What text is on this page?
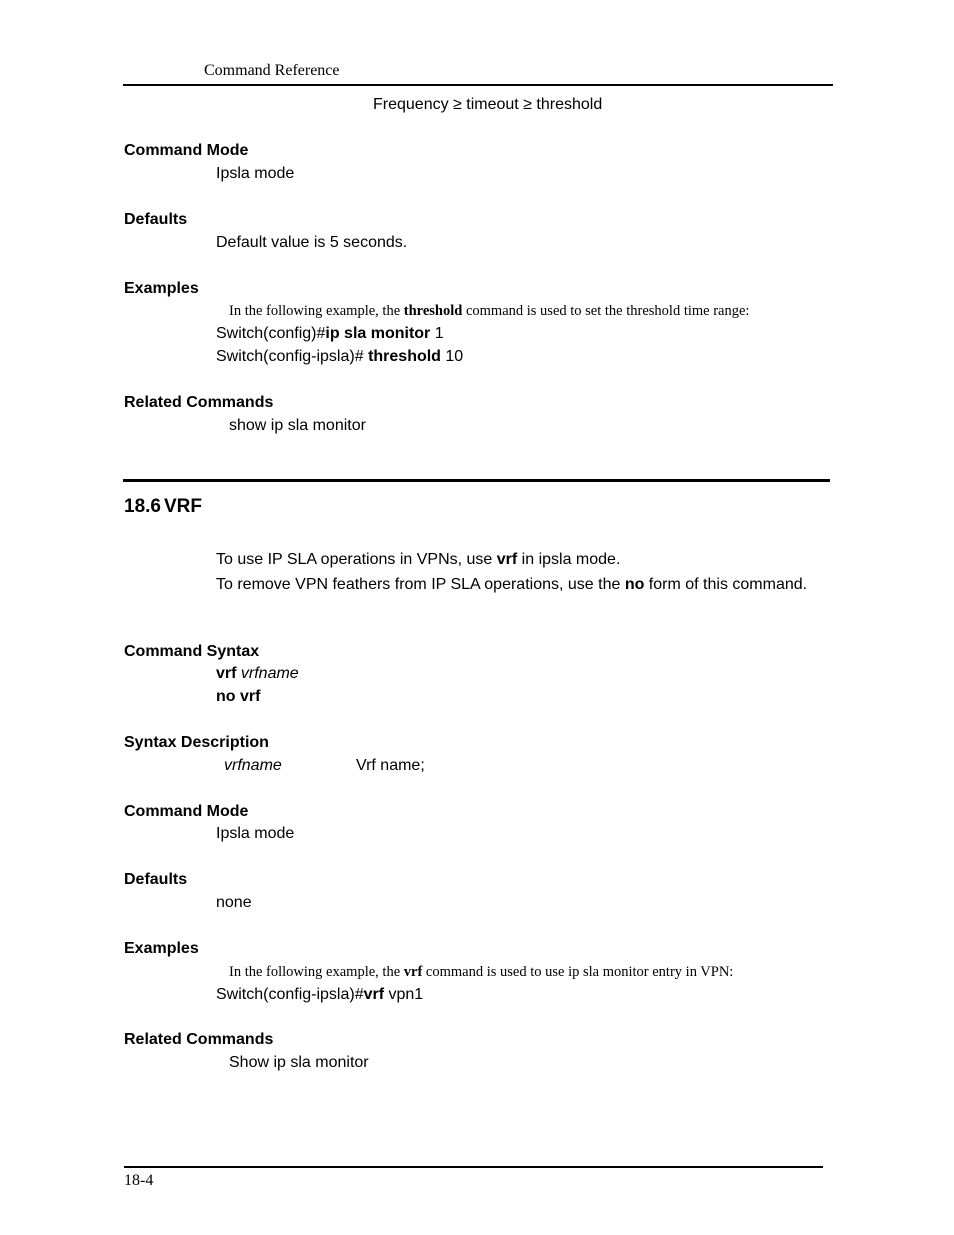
Command Reference
Frequency ≥ timeout ≥ threshold
Command Mode
Ipsla mode
Defaults
Default value is 5 seconds.
Examples
In the following example, the threshold command is used to set the threshold time range:
Switch(config)#ip sla monitor 1
Switch(config-ipsla)# threshold 10
Related Commands
show ip sla monitor
18.6 VRF
To use IP SLA operations in VPNs, use vrf in ipsla mode.
To remove VPN feathers from IP SLA operations, use the no form of this command.
Command Syntax
vrf vrfname
no vrf
Syntax Description
vrfname	Vrf name;
Command Mode
Ipsla mode
Defaults
none
Examples
In the following example, the vrf command is used to use ip sla monitor entry in VPN:
Switch(config-ipsla)#vrf vpn1
Related Commands
Show ip sla monitor
18-4
